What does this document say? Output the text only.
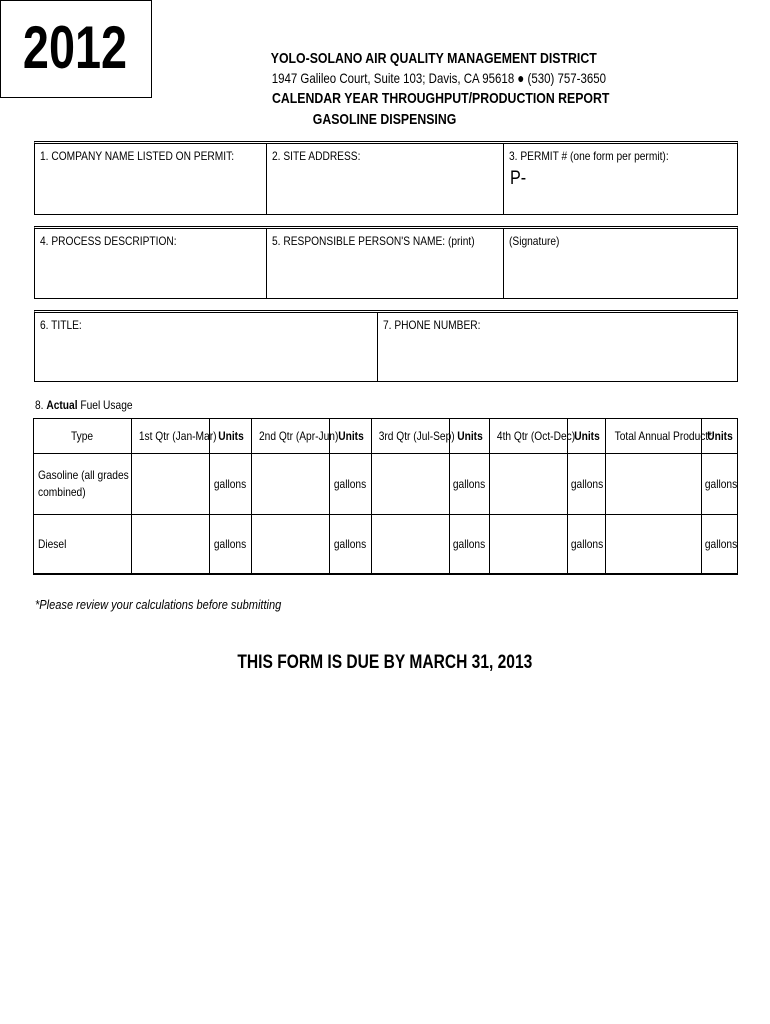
2012	YOLO-SOLANO AIR QUALITY MANAGEMENT DISTRICT
1947 Galileo Court, Suite 103; Davis, CA 95618 ● (530) 757-3650
CALENDAR YEAR THROUGHPUT/PRODUCTION REPORT
GASOLINE DISPENSING
1. COMPANY NAME LISTED ON PERMIT:	2. SITE ADDRESS:	3. PERMIT # (one form per permit):
P-
4. PROCESS DESCRIPTION:	5. RESPONSIBLE PERSON'S NAME: (print)	(Signature)
6. TITLE:	7. PHONE NUMBER:
8. Actual Fuel Usage
Type	1st Qtr (Jan-Mar)	Units	2nd Qtr (Apr-Jun)	Units	3rd Qtr (Jul-Sep)	Units	4th Qtr (Oct-Dec)	Units	Total Annual Product*	Units

Gasoline (all grades combined)		gallons		gallons		gallons		gallons		gallons
Diesel		gallons		gallons		gallons		gallons		gallons
*Please review your calculations before submitting
THIS FORM IS DUE BY MARCH 31, 2013
